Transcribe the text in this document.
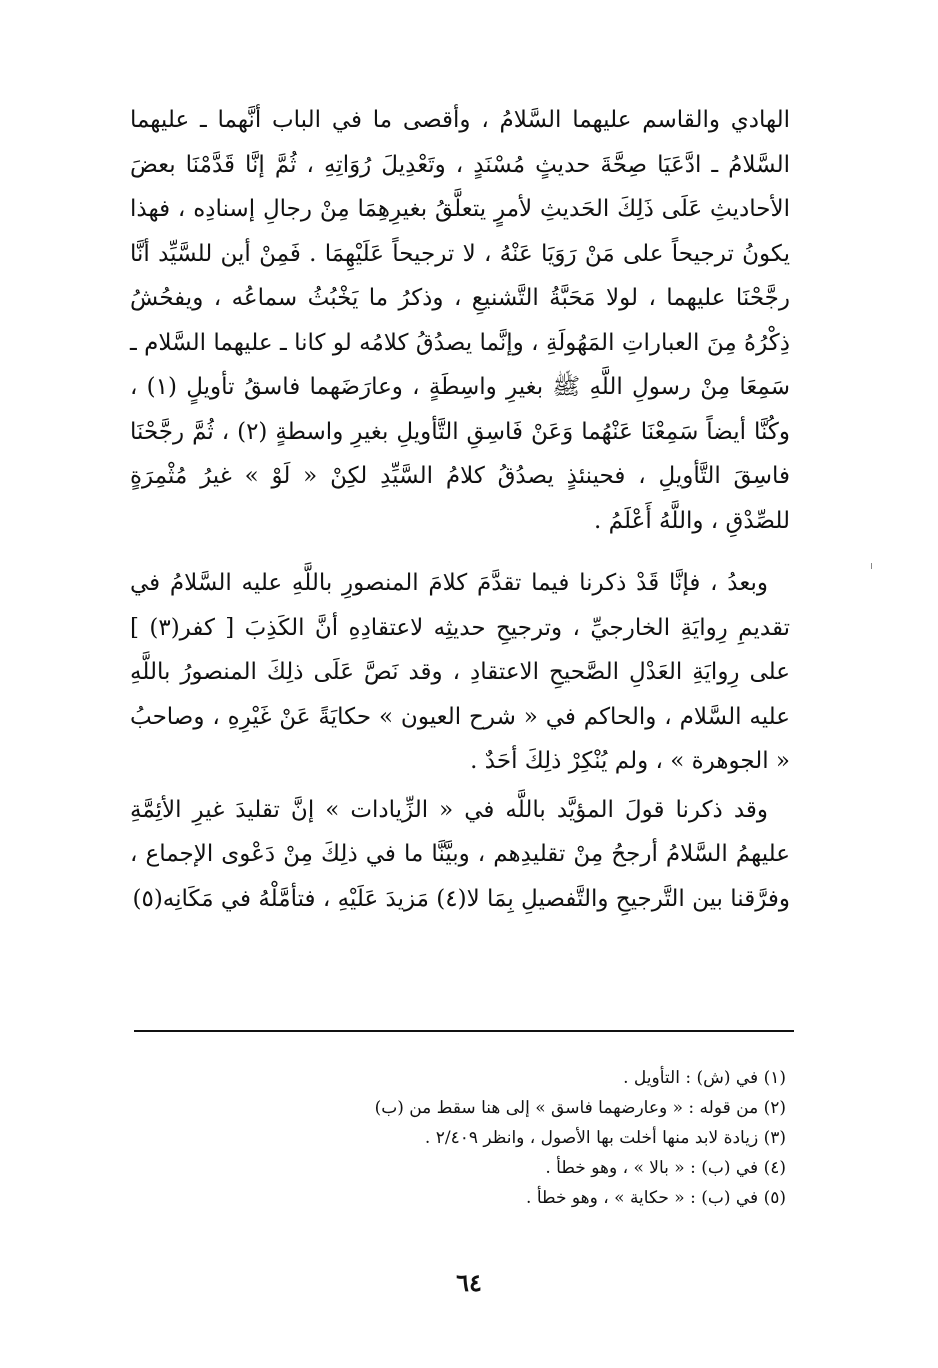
الهادي والقاسم عليهما السَّلامُ ، وأقصى ما في الباب أنَّهما ـ عليهما السَّلامُ ـ ادَّعَيَا صِحَّةَ حديثٍ مُسْنَدٍ ، وتَعْدِيلَ رُوَاتِهِ ، ثُمَّ إنَّا قَدَّمْنَا بعضَ الأحاديثِ عَلَى ذَلِكَ الحَديثِ لأمرٍ يتعلَّقُ بغيرِهِمَا مِنْ رجالِ إسنادِه ، فهذا يكونُ ترجيحاً على مَنْ رَوَيَا عَنْهُ ، لا ترجيحاً عَلَيْهِمَا . فَمِنْ أين للسَّيِّد أنَّا رجَّحْنَا عليهما ، لولا مَحَبَّةُ التَّشنيعِ ، وذكرُ ما يَخْبُثُ سماعُه ، ويفحُشُ ذِكْرُهُ مِنَ العباراتِ المَهُولَةِ ، وإنَّما يصدُقُ كلامُه لو كانا ـ عليهما السَّلام ـ سَمِعَا مِنْ رسولِ اللَّهِ ﷺ بغيرِ واسِطَةٍ ، وعارَضَهما فاسقُ تأويلٍ (١) ، وكُنَّا أيضاً سَمِعْنَا عَنْهُما وَعَنْ فَاسِقِ التَّأويلِ بغيرِ واسطةٍ (٢) ، ثُمَّ رجَّحْنَا فاسِقَ التَّأويلِ ، فحينئذٍ يصدُقُ كلامُ السَّيِّدِ لكِنْ « لَوْ » غيرُ مُثْمِرَةٍ للصِّدْقِ ، واللَّهُ أَعْلَمُ .

وبعدُ ، فإنَّا قَدْ ذكرنا فيما تقدَّمَ كلامَ المنصورِ باللَّهِ عليه السَّلامُ في تقديمِ رِوايَةِ الخارجيِّ ، وترجيحِ حديثِه لاعتقادِهِ أنَّ الكَذِبَ [ كفر(٣) ] على رِوايَةِ العَدْلِ الصَّحيحِ الاعتقادِ ، وقد نَصَّ عَلَى ذلِكَ المنصورُ باللَّهِ عليه السَّلام ، والحاكم في « شرح العيون » حكايَةً عَنْ غَيْرِهِ ، وصاحبُ « الجوهرة » ، ولم يُنْكِرْ ذلِكَ أحَدٌ .

وقد ذكرنا قولَ المؤيَّد باللَّه في « الزِّيادات » إنَّ تقليدَ غيرِ الأئِمَّةِ عليهمُ السَّلامُ أرجحُ مِنْ تقليدِهم ، وبيَّنَّا ما في ذلِكَ مِنْ دَعْوى الإجماع ، وفرَّقنا بين التَّرجيحِ والتَّفصيلِ بِمَا لا(٤) مَزيدَ عَلَيْهِ ، فتأمَّلْهُ في مَكَانِه(٥)

(١) في (ش) : التأويل .
(٢) من قوله : « وعارضهما فاسق » إلى هنا سقط من (ب)
(٣) زيادة لابد منها أخلت بها الأصول ، وانظر ٢/٤٠٩ .
(٤) في (ب) : « بالا » ، وهو خطأ .
(٥) في (ب) : « حكاية » ، وهو خطأ .
٦٤
